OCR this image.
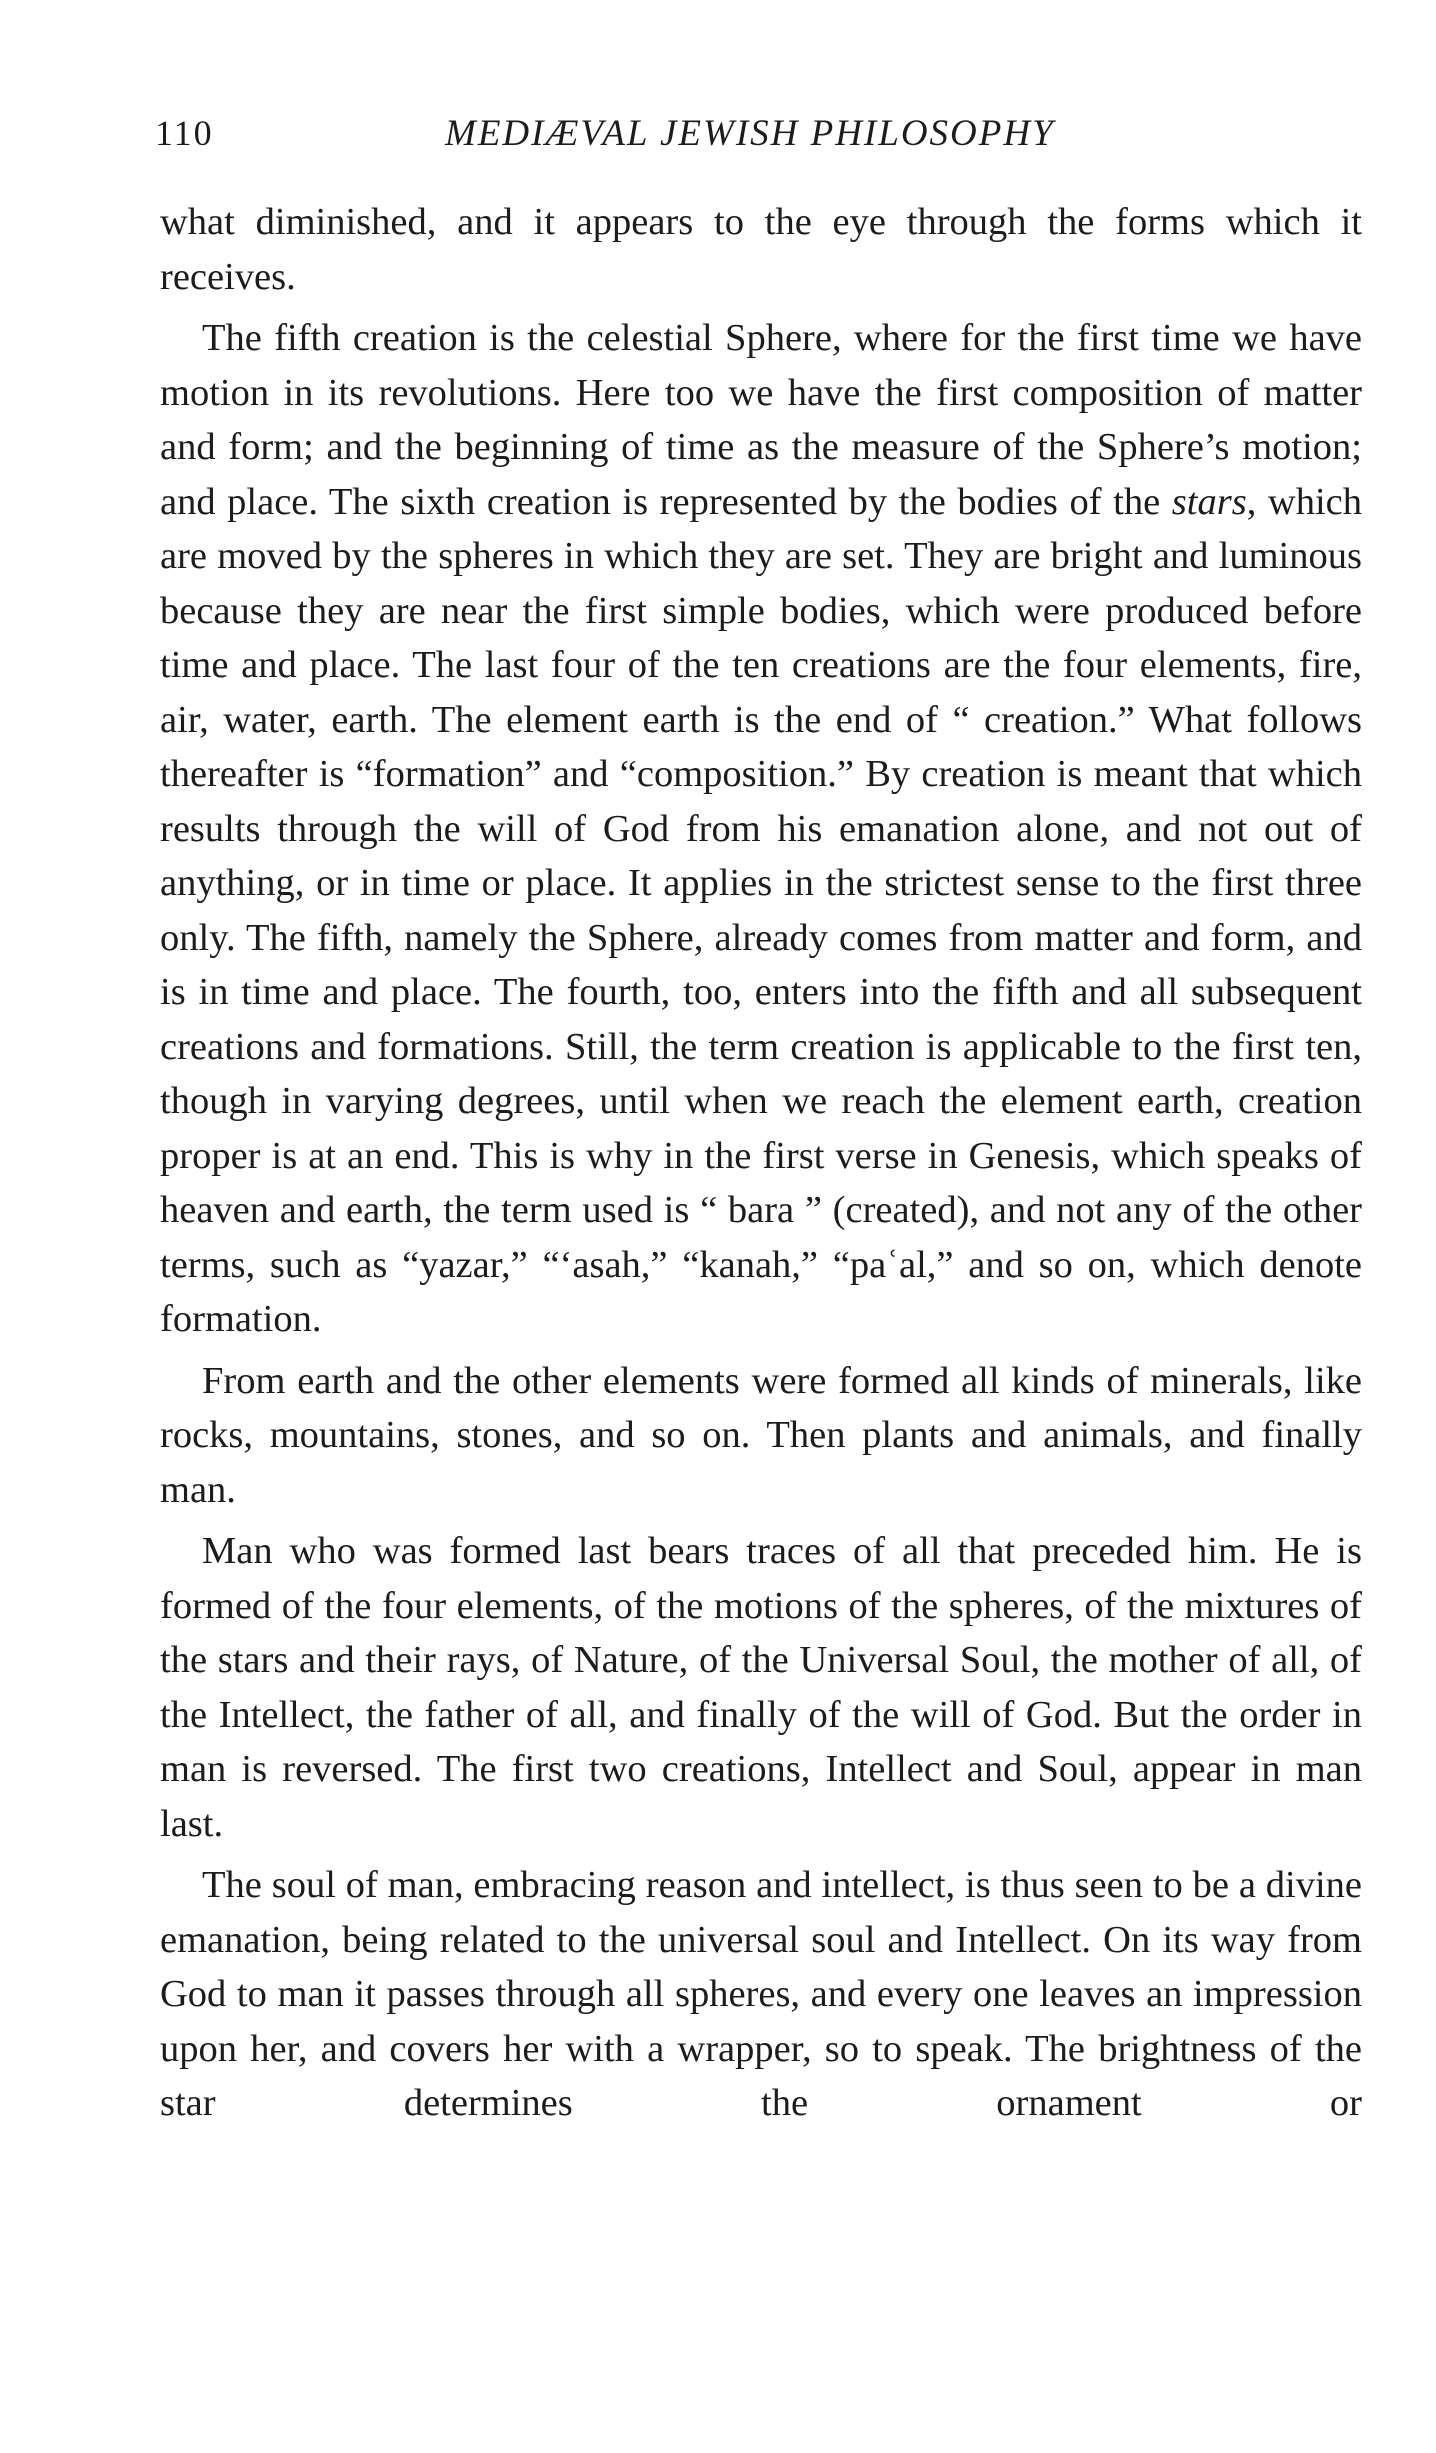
110	MEDIÆVAL JEWISH PHILOSOPHY

what diminished, and it appears to the eye through the forms which it receives.

The fifth creation is the celestial Sphere, where for the first time we have motion in its revolutions. Here too we have the first composition of matter and form; and the beginning of time as the measure of the Sphere’s motion; and place. The sixth creation is represented by the bodies of the stars, which are moved by the spheres in which they are set. They are bright and luminous because they are near the first simple bodies, which were produced before time and place. The last four of the ten creations are the four elements, fire, air, water, earth. The element earth is the end of “ creation.” What follows thereafter is “formation” and “composition.” By creation is meant that which results through the will of God from his emanation alone, and not out of anything, or in time or place. It applies in the strictest sense to the first three only. The fifth, namely the Sphere, already comes from matter and form, and is in time and place. The fourth, too, enters into the fifth and all subsequent creations and formations. Still, the term creation is applicable to the first ten, though in varying degrees, until when we reach the element earth, creation proper is at an end. This is why in the first verse in Genesis, which speaks of heaven and earth, the term used is “ bara ” (created), and not any of the other terms, such as “yazar,” “‘asah,” “kanah,” “paʿal,” and so on, which denote formation.

From earth and the other elements were formed all kinds of minerals, like rocks, mountains, stones, and so on. Then plants and animals, and finally man.

Man who was formed last bears traces of all that preceded him. He is formed of the four elements, of the motions of the spheres, of the mixtures of the stars and their rays, of Nature, of the Universal Soul, the mother of all, of the Intellect, the father of all, and finally of the will of God. But the order in man is reversed. The first two creations, Intellect and Soul, appear in man last.

The soul of man, embracing reason and intellect, is thus seen to be a divine emanation, being related to the universal soul and Intellect. On its way from God to man it passes through all spheres, and every one leaves an impression upon her, and covers her with a wrapper, so to speak. The brightness of the star determines the ornament or
